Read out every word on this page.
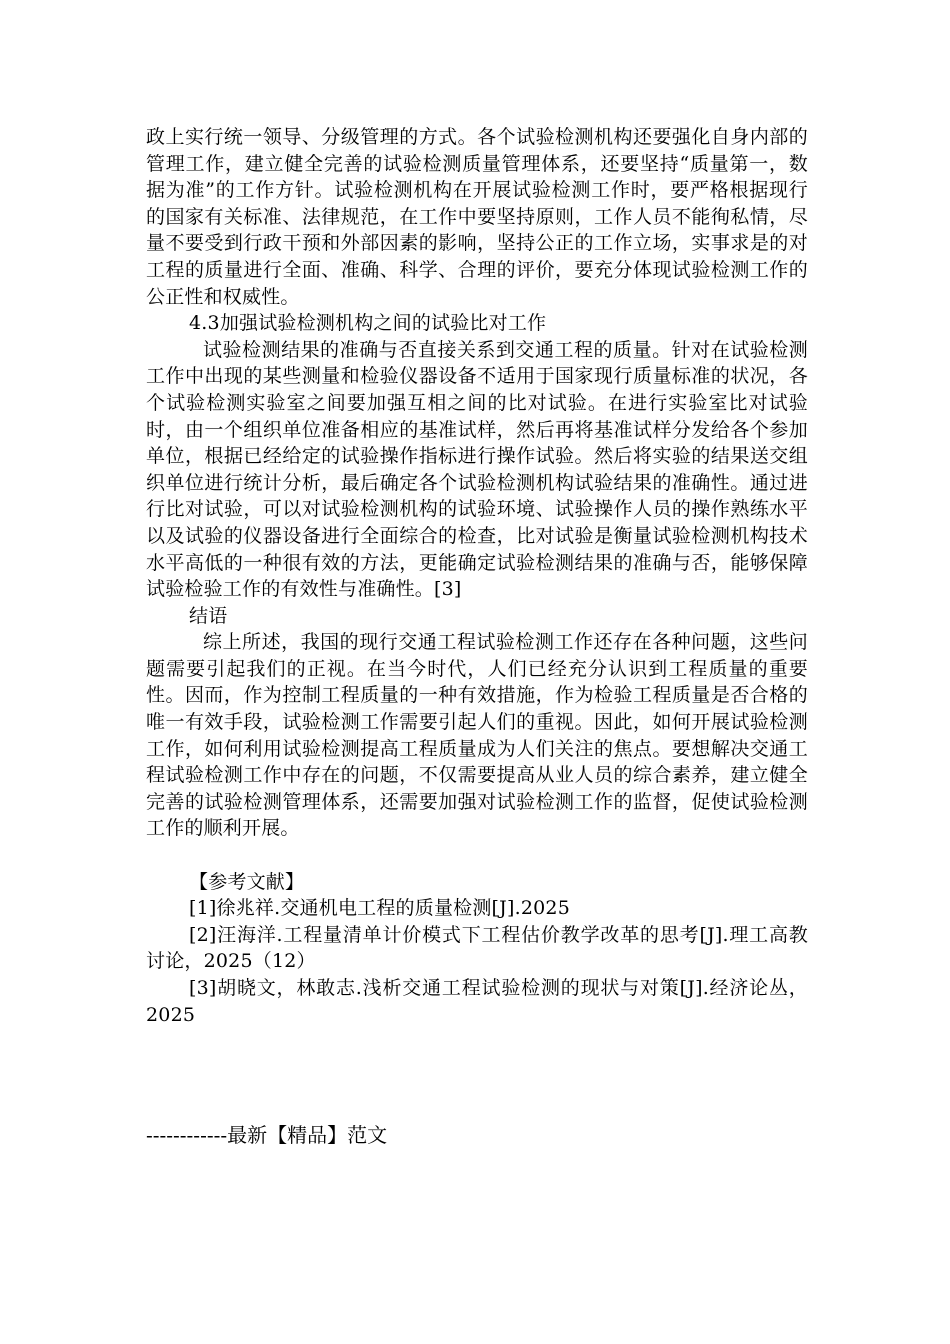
政上实行统一领导、分级管理的方式。各个试验检测机构还要强化自身内部的管理工作，建立健全完善的试验检测质量管理体系，还要坚持“质量第一，数据为准”的工作方针。试验检测机构在开展试验检测工作时，要严格根据现行的国家有关标准、法律规范，在工作中要坚持原则，工作人员不能徇私情，尽量不要受到行政干预和外部因素的影响，坚持公正的工作立场，实事求是的对工程的质量进行全面、准确、科学、合理的评价，要充分体现试验检测工作的公正性和权威性。

4.3加强试验检测机构之间的试验比对工作

试验检测结果的准确与否直接关系到交通工程的质量。针对在试验检测工作中出现的某些测量和检验仪器设备不适用于国家现行质量标准的状况，各个试验检测实验室之间要加强互相之间的比对试验。在进行实验室比对试验时，由一个组织单位准备相应的基准试样，然后再将基准试样分发给各个参加单位，根据已经给定的试验操作指标进行操作试验。然后将实验的结果送交组织单位进行统计分析，最后确定各个试验检测机构试验结果的准确性。通过进行比对试验，可以对试验检测机构的试验环境、试验操作人员的操作熟练水平以及试验的仪器设备进行全面综合的检查，比对试验是衡量试验检测机构技术水平高低的一种很有效的方法，更能确定试验检测结果的准确与否，能够保障试验检验工作的有效性与准确性。[3]

结语

综上所述，我国的现行交通工程试验检测工作还存在各种问题，这些问题需要引起我们的正视。在当今时代，人们已经充分认识到工程质量的重要性。因而，作为控制工程质量的一种有效措施，作为检验工程质量是否合格的唯一有效手段，试验检测工作需要引起人们的重视。因此，如何开展试验检测工作，如何利用试验检测提高工程质量成为人们关注的焦点。要想解决交通工程试验检测工作中存在的问题，不仅需要提高从业人员的综合素养，建立健全完善的试验检测管理体系，还需要加强对试验检测工作的监督，促使试验检测工作的顺利开展。

【参考文献】

[1]徐兆祥.交通机电工程的质量检测[J].2025

[2]汪海洋.工程量清单计价模式下工程估价教学改革的思考[J].理工高教讨论，2025（12）

[3]胡晓文，林敢志.浅析交通工程试验检测的现状与对策[J].经济论丛，2025

------------最新【精品】范文
